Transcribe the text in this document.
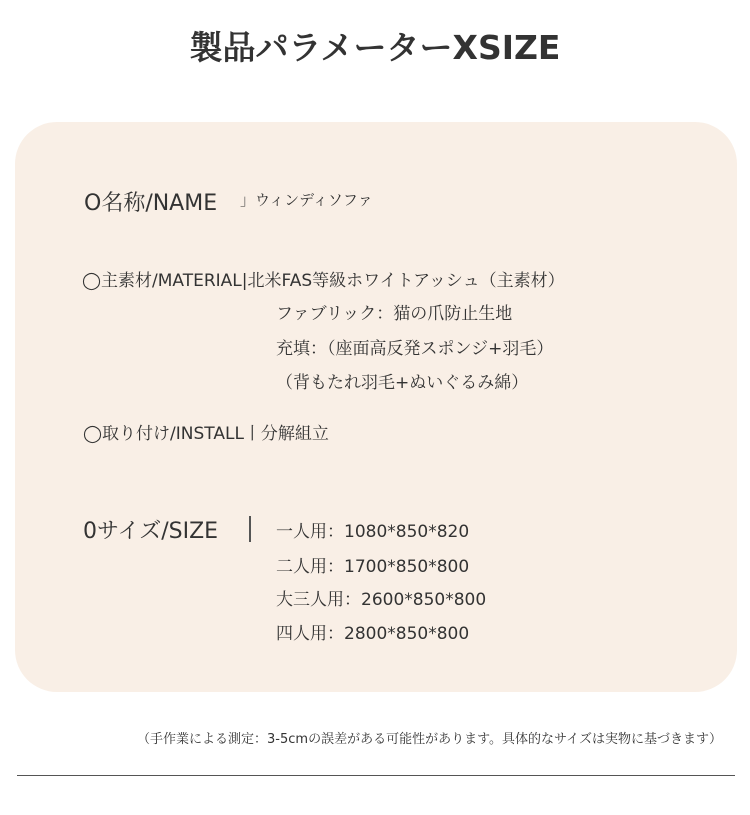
製品パラメーターXSIZE
O名称/NAME 」ウィンディソファ
◯主素材/MATERIAL|北米FAS等級ホワイトアッシュ（主素材）
ファブリック：猫の爪防止生地
充填：（座面高反発スポンジ+羽毛）
（背もたれ羽毛+ぬいぐるみ綿）
◯取り付け/INSTALL丨分解組立
0サイズ/SIZE	一人用：1080*850*820
二人用：1700*850*800
大三人用：2600*850*800
四人用：2800*850*800
（手作業による測定：3-5cmの誤差がある可能性があります。具体的なサイズは実物に基づきます）
